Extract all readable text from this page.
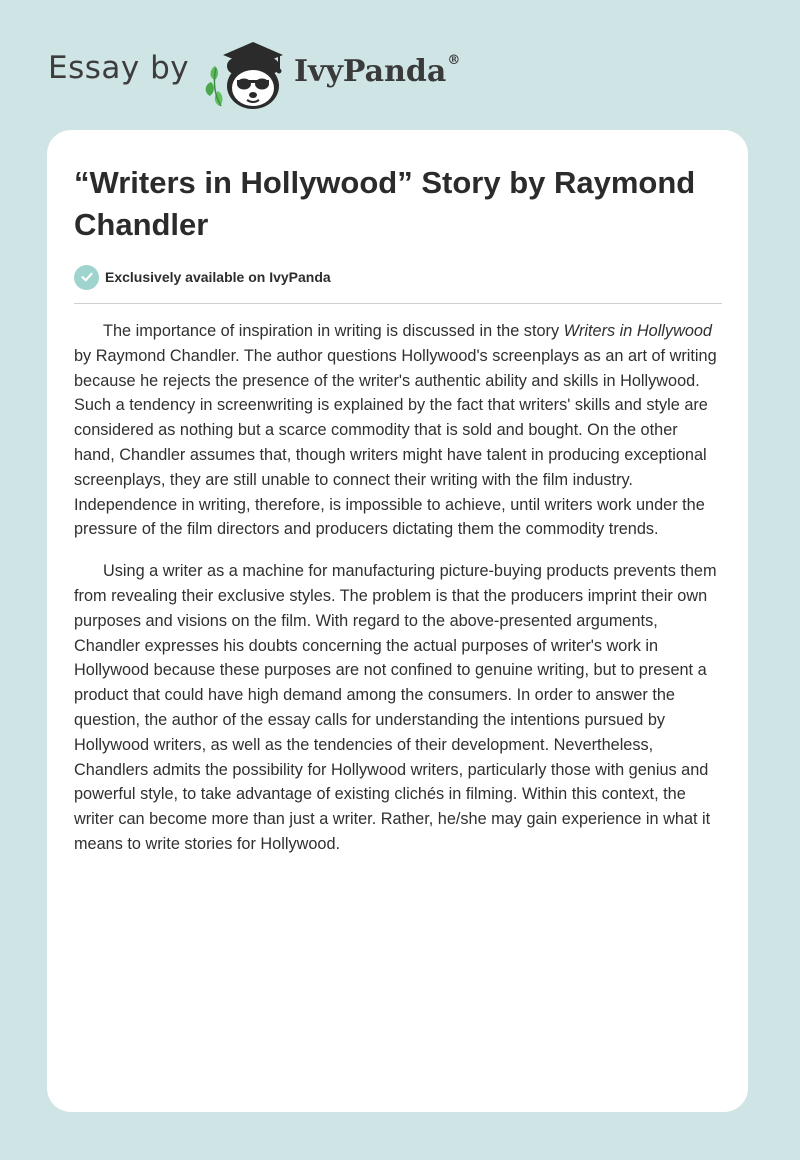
Essay by	IvyPanda®
“Writers in Hollywood” Story by Raymond Chandler
Exclusively available on IvyPanda

The importance of inspiration in writing is discussed in the story Writers in Hollywood by Raymond Chandler. The author questions Hollywood's screenplays as an art of writing because he rejects the presence of the writer's authentic ability and skills in Hollywood. Such a tendency in screenwriting is explained by the fact that writers' skills and style are considered as nothing but a scarce commodity that is sold and bought. On the other hand, Chandler assumes that, though writers might have talent in producing exceptional screenplays, they are still unable to connect their writing with the film industry. Independence in writing, therefore, is impossible to achieve, until writers work under the pressure of the film directors and producers dictating them the commodity trends.

Using a writer as a machine for manufacturing picture-buying products prevents them from revealing their exclusive styles. The problem is that the producers imprint their own purposes and visions on the film. With regard to the above-presented arguments, Chandler expresses his doubts concerning the actual purposes of writer's work in Hollywood because these purposes are not confined to genuine writing, but to present a product that could have high demand among the consumers. In order to answer the question, the author of the essay calls for understanding the intentions pursued by Hollywood writers, as well as the tendencies of their development. Nevertheless, Chandlers admits the possibility for Hollywood writers, particularly those with genius and powerful style, to take advantage of existing clichés in filming. Within this context, the writer can become more than just a writer. Rather, he/she may gain experience in what it means to write stories for Hollywood.
